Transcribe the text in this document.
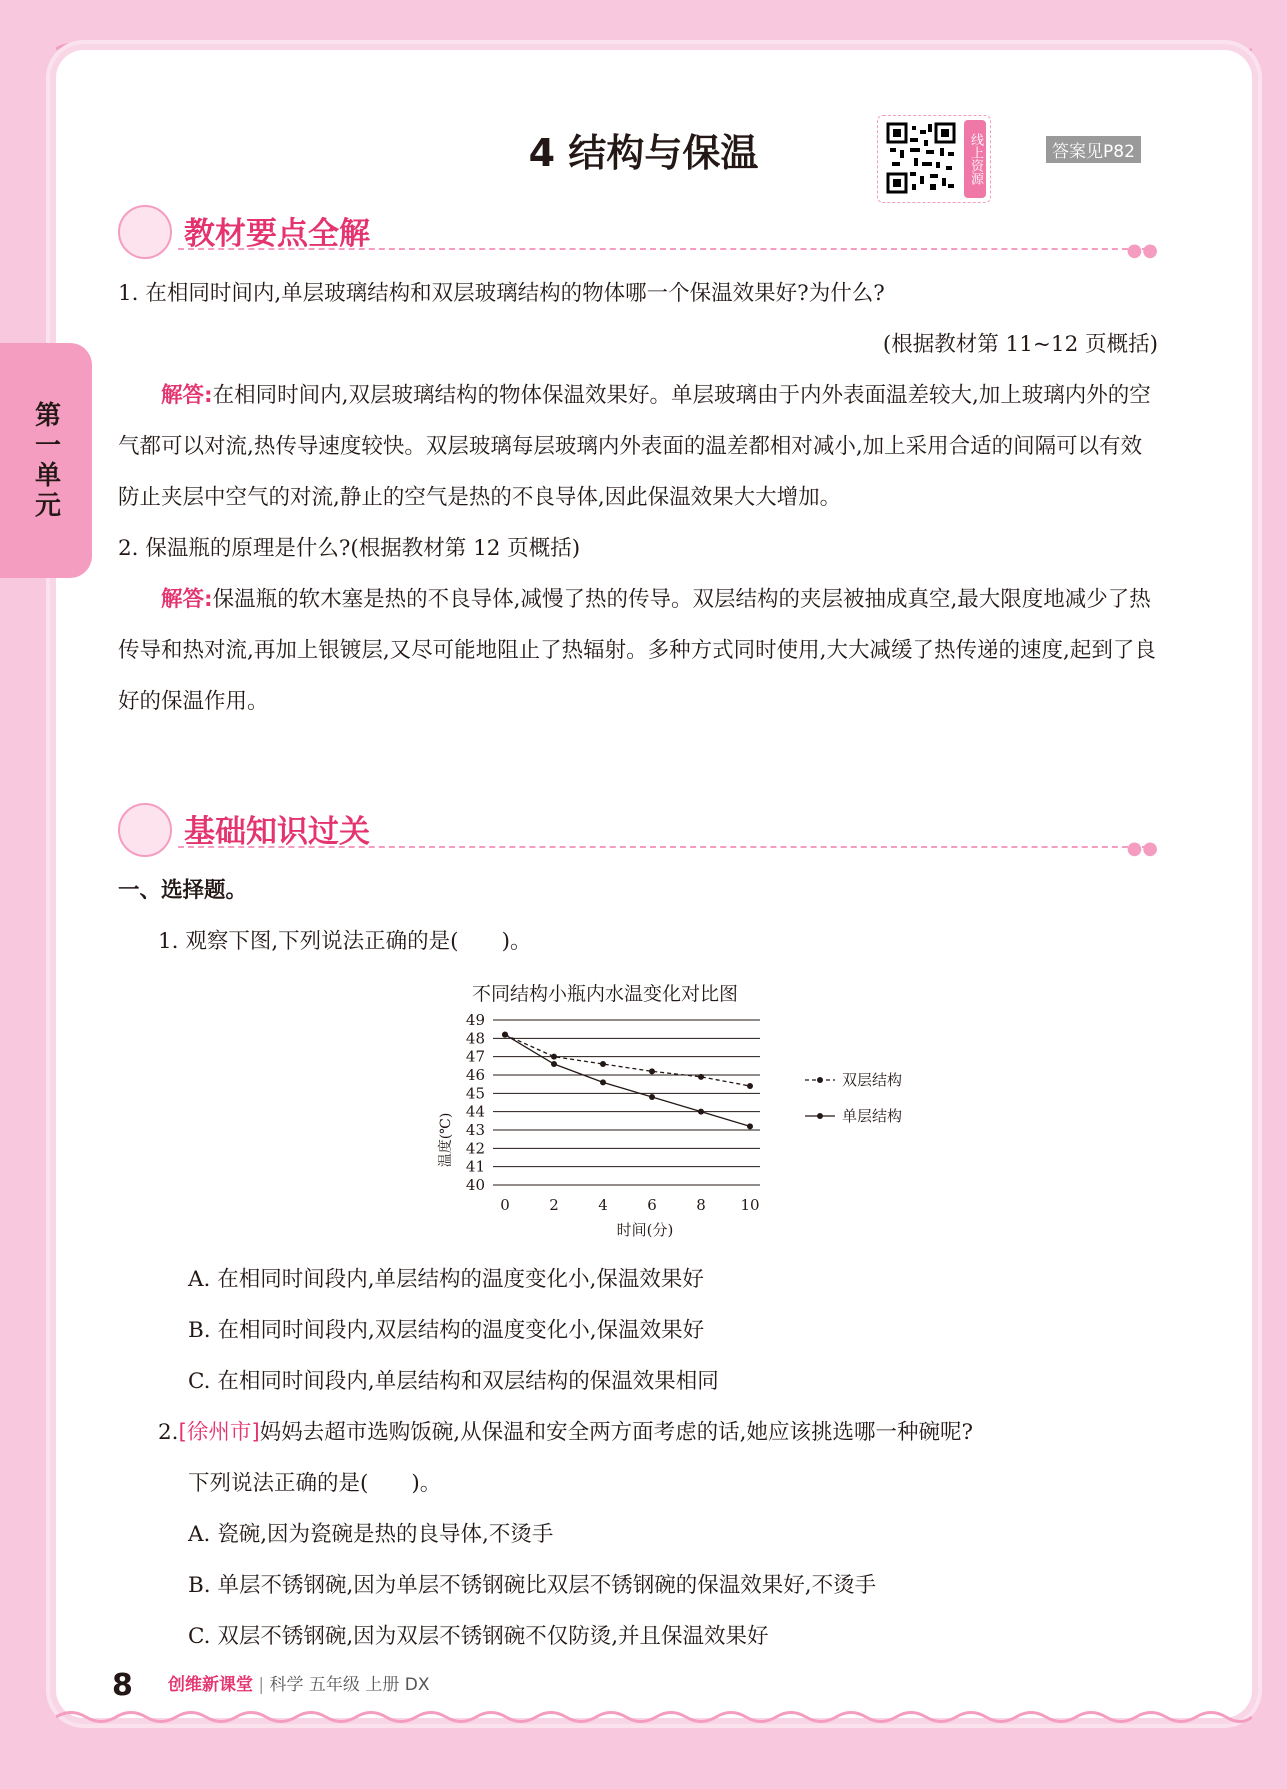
第一单元
4 结构与保温	线上资源	答案见P82
教材要点全解	●●

1. 在相同时间内,单层玻璃结构和双层玻璃结构的物体哪一个保温效果好?为什么?

(根据教材第 11~12 页概括)

解答:在相同时间内,双层玻璃结构的物体保温效果好。单层玻璃由于内外表面温差较大,加上玻璃内外的空气都可以对流,热传导速度较快。双层玻璃每层玻璃内外表面的温差都相对减小,加上采用合适的间隔可以有效防止夹层中空气的对流,静止的空气是热的不良导体,因此保温效果大大增加。

2. 保温瓶的原理是什么?(根据教材第 12 页概括)

解答:保温瓶的软木塞是热的不良导体,减慢了热的传导。双层结构的夹层被抽成真空,最大限度地减少了热传导和热对流,再加上银镀层,又尽可能地阻止了热辐射。多种方式同时使用,大大减缓了热传递的速度,起到了良好的保温作用。

基础知识过关	●●

一、选择题。

1. 观察下图,下列说法正确的是(　　)。

不同结构小瓶内水温变化对比图
40
41
42
43
44
45
46
47
48
49
0	2	4	6	8 10
温度(℃)
时间(分)
双层结构
单层结构

A. 在相同时间段内,单层结构的温度变化小,保温效果好

B. 在相同时间段内,双层结构的温度变化小,保温效果好

C. 在相同时间段内,单层结构和双层结构的保温效果相同

2.[徐州市]妈妈去超市选购饭碗,从保温和安全两方面考虑的话,她应该挑选哪一种碗呢?

下列说法正确的是(　　)。

A. 瓷碗,因为瓷碗是热的良导体,不烫手

B. 单层不锈钢碗,因为单层不锈钢碗比双层不锈钢碗的保温效果好,不烫手

C. 双层不锈钢碗,因为双层不锈钢碗不仅防烫,并且保温效果好

8 创维新课堂 | 科学 五年级 上册 DX
